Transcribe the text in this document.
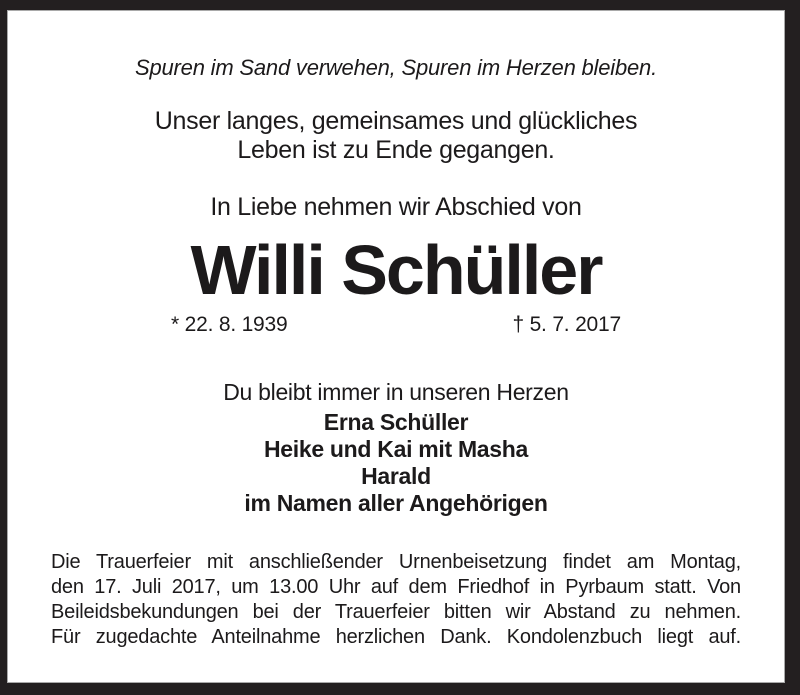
Spuren im Sand verwehen, Spuren im Herzen bleiben.
Unser langes, gemeinsames und glückliches
Leben ist zu Ende gegangen.
In Liebe nehmen wir Abschied von
Willi Schüller
* 22. 8. 1939	† 5. 7. 2017
Du bleibt immer in unseren Herzen
Erna Schüller
Heike und Kai mit Masha
Harald
im Namen aller Angehörigen
Die Trauerfeier mit anschließender Urnenbeisetzung findet am Montag,
den 17. Juli 2017, um 13.00 Uhr auf dem Friedhof in Pyrbaum statt. Von
Beileidsbekundungen bei der Trauerfeier bitten wir Abstand zu nehmen.
Für zugedachte Anteilnahme herzlichen Dank. Kondolenzbuch liegt auf.
